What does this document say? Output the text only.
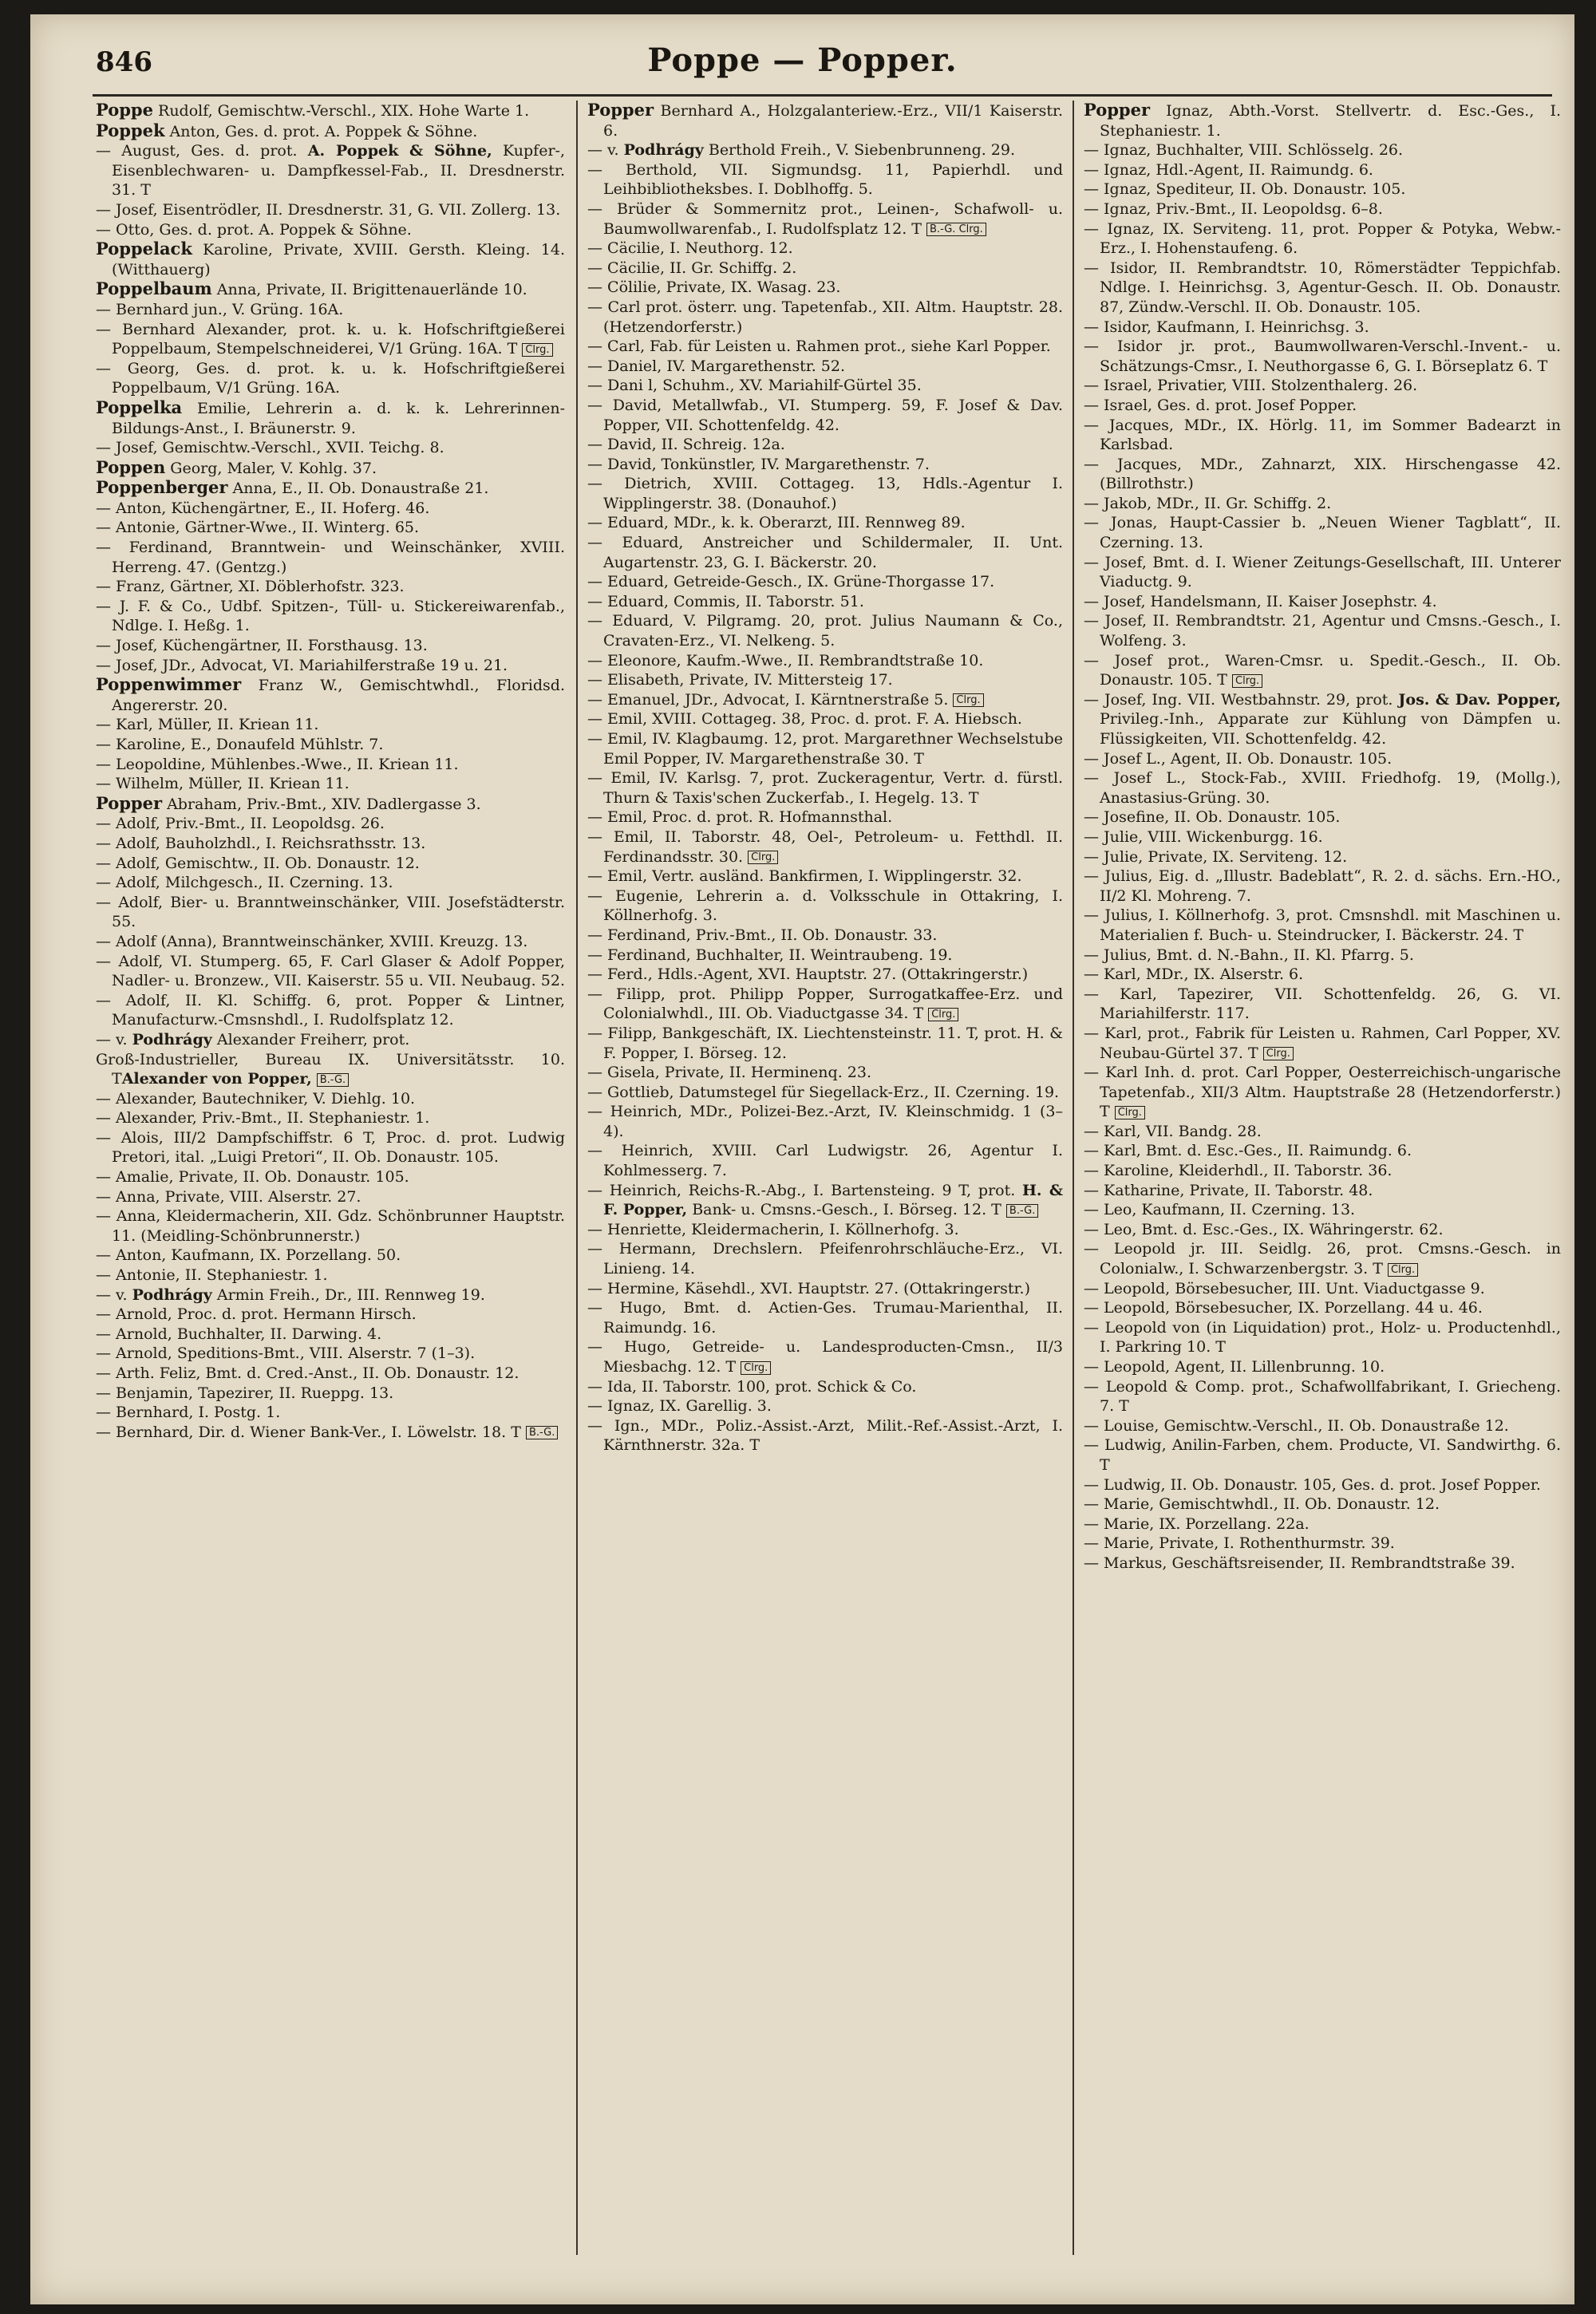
846	Poppe — Popper.

Poppe Rudolf, Gemischtw.-Verschl., XIX. Hohe Warte 1.

Poppek Anton, Ges. d. prot. A. Poppek & Söhne.

— August, Ges. d. prot. A. Poppek & Söhne, Kupfer-, Eisenblechwaren- u. Dampfkessel-Fab., II. Dresdnerstr. 31. T

— Josef, Eisentrödler, II. Dresdnerstr. 31, G. VII. Zollerg. 13.

— Otto, Ges. d. prot. A. Poppek & Söhne.

Poppelack Karoline, Private, XVIII. Gersth. Kleing. 14. (Witthauerg)

Poppelbaum Anna, Private, II. Brigittenauerlände 10.

— Bernhard jun., V. Grüng. 16A.

— Bernhard Alexander, prot. k. u. k. Hofschriftgießerei Poppelbaum, Stempelschneiderei, V/1 Grüng. 16A. T Clrg.

— Georg, Ges. d. prot. k. u. k. Hofschriftgießerei Poppelbaum, V/1 Grüng. 16A.

Poppelka Emilie, Lehrerin a. d. k. k. Lehrerinnen-Bildungs-Anst., I. Bräunerstr. 9.

— Josef, Gemischtw.-Verschl., XVII. Teichg. 8.

Poppen Georg, Maler, V. Kohlg. 37.

Poppenberger Anna, E., II. Ob. Donaustraße 21.

— Anton, Küchengärtner, E., II. Hoferg. 46.

— Antonie, Gärtner-Wwe., II. Winterg. 65.

— Ferdinand, Branntwein- und Weinschänker, XVIII. Herreng. 47. (Gentzg.)

— Franz, Gärtner, XI. Döblerhofstr. 323.

— J. F. & Co., Udbf. Spitzen-, Tüll- u. Stickereiwarenfab., Ndlge. I. Heßg. 1.

— Josef, Küchengärtner, II. Forsthausg. 13.

— Josef, JDr., Advocat, VI. Mariahilferstraße 19 u. 21.

Poppenwimmer Franz W., Gemischtwhdl., Floridsd. Angererstr. 20.

— Karl, Müller, II. Kriean 11.

— Karoline, E., Donaufeld Mühlstr. 7.

— Leopoldine, Mühlenbes.-Wwe., II. Kriean 11.

— Wilhelm, Müller, II. Kriean 11.

Popper Abraham, Priv.-Bmt., XIV. Dadlergasse 3.

— Adolf, Priv.-Bmt., II. Leopoldsg. 26.

— Adolf, Bauholzhdl., I. Reichsrathsstr. 13.

— Adolf, Gemischtw., II. Ob. Donaustr. 12.

— Adolf, Milchgesch., II. Czerning. 13.

— Adolf, Bier- u. Branntweinschänker, VIII. Josefstädterstr. 55.

— Adolf (Anna), Branntweinschänker, XVIII. Kreuzg. 13.

— Adolf, VI. Stumperg. 65, F. Carl Glaser & Adolf Popper, Nadler- u. Bronzew., VII. Kaiserstr. 55 u. VII. Neubaug. 52.

— Adolf, II. Kl. Schiffg. 6, prot. Popper & Lintner, Manufacturw.-Cmsnshdl., I. Rudolfsplatz 12.

— v. Podhrágy Alexander Freiherr, prot.

Groß-Industrieller, Bureau IX. Universitätsstr. 10. TAlexander von Popper, B.-G.

— Alexander, Bautechniker, V. Diehlg. 10.

— Alexander, Priv.-Bmt., II. Stephaniestr. 1.

— Alois, III/2 Dampfschiffstr. 6 T, Proc. d. prot. Ludwig Pretori, ital. „Luigi Pretori“, II. Ob. Donaustr. 105.

— Amalie, Private, II. Ob. Donaustr. 105.

— Anna, Private, VIII. Alserstr. 27.

— Anna, Kleidermacherin, XII. Gdz. Schönbrunner Hauptstr. 11. (Meidling-Schönbrunnerstr.)

— Anton, Kaufmann, IX. Porzellang. 50.

— Antonie, II. Stephaniestr. 1.

— v. Podhrágy Armin Freih., Dr., III. Rennweg 19.

— Arnold, Proc. d. prot. Hermann Hirsch.

— Arnold, Buchhalter, II. Darwing. 4.

— Arnold, Speditions-Bmt., VIII. Alserstr. 7 (1–3).

— Arth. Feliz, Bmt. d. Cred.-Anst., II. Ob. Donaustr. 12.

— Benjamin, Tapezirer, II. Rueppg. 13.

— Bernhard, I. Postg. 1.

— Bernhard, Dir. d. Wiener Bank-Ver., I. Löwelstr. 18. T B.-G.

Popper Bernhard A., Holzgalanteriew.-Erz., VII/1 Kaiserstr. 6.

— v. Podhrágy Berthold Freih., V. Siebenbrunneng. 29.

— Berthold, VII. Sigmundsg. 11, Papierhdl. und Leihbibliotheksbes. I. Doblhoffg. 5.

— Brüder & Sommernitz prot., Leinen-, Schafwoll- u. Baumwollwarenfab., I. Rudolfsplatz 12. T B.-G. Clrg.

— Cäcilie, I. Neuthorg. 12.

— Cäcilie, II. Gr. Schiffg. 2.

— Cölilie, Private, IX. Wasag. 23.

— Carl prot. österr. ung. Tapetenfab., XII. Altm. Hauptstr. 28. (Hetzendorferstr.)

— Carl, Fab. für Leisten u. Rahmen prot., siehe Karl Popper.

— Daniel, IV. Margarethenstr. 52.

— Dani l, Schuhm., XV. Mariahilf-Gürtel 35.

— David, Metallwfab., VI. Stumperg. 59, F. Josef & Dav. Popper, VII. Schottenfeldg. 42.

— David, II. Schreig. 12a.

— David, Tonkünstler, IV. Margarethenstr. 7.

— Dietrich, XVIII. Cottageg. 13, Hdls.-Agentur I. Wipplingerstr. 38. (Donauhof.)

— Eduard, MDr., k. k. Oberarzt, III. Rennweg 89.

— Eduard, Anstreicher und Schildermaler, II. Unt. Augartenstr. 23, G. I. Bäckerstr. 20.

— Eduard, Getreide-Gesch., IX. Grüne-Thorgasse 17.

— Eduard, Commis, II. Taborstr. 51.

— Eduard, V. Pilgramg. 20, prot. Julius Naumann & Co., Cravaten-Erz., VI. Nelkeng. 5.

— Eleonore, Kaufm.-Wwe., II. Rembrandtstraße 10.

— Elisabeth, Private, IV. Mittersteig 17.

— Emanuel, JDr., Advocat, I. Kärntnerstraße 5. Clrg.

— Emil, XVIII. Cottageg. 38, Proc. d. prot. F. A. Hiebsch.

— Emil, IV. Klagbaumg. 12, prot. Margarethner Wechselstube Emil Popper, IV. Margarethenstraße 30. T

— Emil, IV. Karlsg. 7, prot. Zuckeragentur, Vertr. d. fürstl. Thurn & Taxis'schen Zuckerfab., I. Hegelg. 13. T

— Emil, Proc. d. prot. R. Hofmannsthal.

— Emil, II. Taborstr. 48, Oel-, Petroleum- u. Fetthdl. II. Ferdinandsstr. 30. Clrg.

— Emil, Vertr. ausländ. Bankfirmen, I. Wipplingerstr. 32.

— Eugenie, Lehrerin a. d. Volksschule in Ottakring, I. Köllnerhofg. 3.

— Ferdinand, Priv.-Bmt., II. Ob. Donaustr. 33.

— Ferdinand, Buchhalter, II. Weintraubeng. 19.

— Ferd., Hdls.-Agent, XVI. Hauptstr. 27. (Ottakringerstr.)

— Filipp, prot. Philipp Popper, Surrogatkaffee-Erz. und Colonialwhdl., III. Ob. Viaductgasse 34. T Clrg.

— Filipp, Bankgeschäft, IX. Liechtensteinstr. 11. T, prot. H. & F. Popper, I. Börseg. 12.

— Gisela, Private, II. Herminenq. 23.

— Gottlieb, Datumstegel für Siegellack-Erz., II. Czerning. 19.

— Heinrich, MDr., Polizei-Bez.-Arzt, IV. Kleinschmidg. 1 (3–4).

— Heinrich, XVIII. Carl Ludwigstr. 26, Agentur I. Kohlmesserg. 7.

— Heinrich, Reichs-R.-Abg., I. Bartensteing. 9 T, prot. H. & F. Popper, Bank- u. Cmsns.-Gesch., I. Börseg. 12. T B.-G.

— Henriette, Kleidermacherin, I. Köllnerhofg. 3.

— Hermann, Drechslern. Pfeifenrohrschläuche-Erz., VI. Linieng. 14.

— Hermine, Käsehdl., XVI. Hauptstr. 27. (Ottakringerstr.)

— Hugo, Bmt. d. Actien-Ges. Trumau-Marienthal, II. Raimundg. 16.

— Hugo, Getreide- u. Landesproducten-Cmsn., II/3 Miesbachg. 12. T Clrg.

— Ida, II. Taborstr. 100, prot. Schick & Co.

— Ignaz, IX. Garellig. 3.

— Ign., MDr., Poliz.-Assist.-Arzt, Milit.-Ref.-Assist.-Arzt, I. Kärnthnerstr. 32a. T

Popper Ignaz, Abth.-Vorst. Stellvertr. d. Esc.-Ges., I. Stephaniestr. 1.

— Ignaz, Buchhalter, VIII. Schlösselg. 26.

— Ignaz, Hdl.-Agent, II. Raimundg. 6.

— Ignaz, Spediteur, II. Ob. Donaustr. 105.

— Ignaz, Priv.-Bmt., II. Leopoldsg. 6–8.

— Ignaz, IX. Serviteng. 11, prot. Popper & Potyka, Webw.-Erz., I. Hohenstaufeng. 6.

— Isidor, II. Rembrandtstr. 10, Römerstädter Teppichfab. Ndlge. I. Heinrichsg. 3, Agentur-Gesch. II. Ob. Donaustr. 87, Zündw.-Verschl. II. Ob. Donaustr. 105.

— Isidor, Kaufmann, I. Heinrichsg. 3.

— Isidor jr. prot., Baumwollwaren-Verschl.-Invent.- u. Schätzungs-Cmsr., I. Neuthorgasse 6, G. I. Börseplatz 6. T

— Israel, Privatier, VIII. Stolzenthalerg. 26.

— Israel, Ges. d. prot. Josef Popper.

— Jacques, MDr., IX. Hörlg. 11, im Sommer Badearzt in Karlsbad.

— Jacques, MDr., Zahnarzt, XIX. Hirschengasse 42. (Billrothstr.)

— Jakob, MDr., II. Gr. Schiffg. 2.

— Jonas, Haupt-Cassier b. „Neuen Wiener Tagblatt“, II. Czerning. 13.

— Josef, Bmt. d. I. Wiener Zeitungs-Gesellschaft, III. Unterer Viaductg. 9.

— Josef, Handelsmann, II. Kaiser Josephstr. 4.

— Josef, II. Rembrandtstr. 21, Agentur und Cmsns.-Gesch., I. Wolfeng. 3.

— Josef prot., Waren-Cmsr. u. Spedit.-Gesch., II. Ob. Donaustr. 105. T Clrg.

— Josef, Ing. VII. Westbahnstr. 29, prot. Jos. & Dav. Popper, Privileg.-Inh., Apparate zur Kühlung von Dämpfen u. Flüssigkeiten, VII. Schottenfeldg. 42.

— Josef L., Agent, II. Ob. Donaustr. 105.

— Josef L., Stock-Fab., XVIII. Friedhofg. 19, (Mollg.), Anastasius-Grüng. 30.

— Josefine, II. Ob. Donaustr. 105.

— Julie, VIII. Wickenburgg. 16.

— Julie, Private, IX. Serviteng. 12.

— Julius, Eig. d. „Illustr. Badeblatt“, R. 2. d. sächs. Ern.-HO., II/2 Kl. Mohreng. 7.

— Julius, I. Köllnerhofg. 3, prot. Cmsnshdl. mit Maschinen u. Materialien f. Buch- u. Steindrucker, I. Bäckerstr. 24. T

— Julius, Bmt. d. N.-Bahn., II. Kl. Pfarrg. 5.

— Karl, MDr., IX. Alserstr. 6.

— Karl, Tapezirer, VII. Schottenfeldg. 26, G. VI. Mariahilferstr. 117.

— Karl, prot., Fabrik für Leisten u. Rahmen, Carl Popper, XV. Neubau-Gürtel 37. T Clrg.

— Karl Inh. d. prot. Carl Popper, Oesterreichisch-ungarische Tapetenfab., XII/3 Altm. Hauptstraße 28 (Hetzendorferstr.) T Clrg.

— Karl, VII. Bandg. 28.

— Karl, Bmt. d. Esc.-Ges., II. Raimundg. 6.

— Karoline, Kleiderhdl., II. Taborstr. 36.

— Katharine, Private, II. Taborstr. 48.

— Leo, Kaufmann, II. Czerning. 13.

— Leo, Bmt. d. Esc.-Ges., IX. Währingerstr. 62.

— Leopold jr. III. Seidlg. 26, prot. Cmsns.-Gesch. in Colonialw., I. Schwarzenbergstr. 3. T Clrg.

— Leopold, Börsebesucher, III. Unt. Viaductgasse 9.

— Leopold, Börsebesucher, IX. Porzellang. 44 u. 46.

— Leopold von (in Liquidation) prot., Holz- u. Productenhdl., I. Parkring 10. T

— Leopold, Agent, II. Lillenbrunng. 10.

— Leopold & Comp. prot., Schafwollfabrikant, I. Griecheng. 7. T

— Louise, Gemischtw.-Verschl., II. Ob. Donaustraße 12.

— Ludwig, Anilin-Farben, chem. Producte, VI. Sandwirthg. 6. T

— Ludwig, II. Ob. Donaustr. 105, Ges. d. prot. Josef Popper.

— Marie, Gemischtwhdl., II. Ob. Donaustr. 12.

— Marie, IX. Porzellang. 22a.

— Marie, Private, I. Rothenthurmstr. 39.

— Markus, Geschäftsreisender, II. Rembrandtstraße 39.
